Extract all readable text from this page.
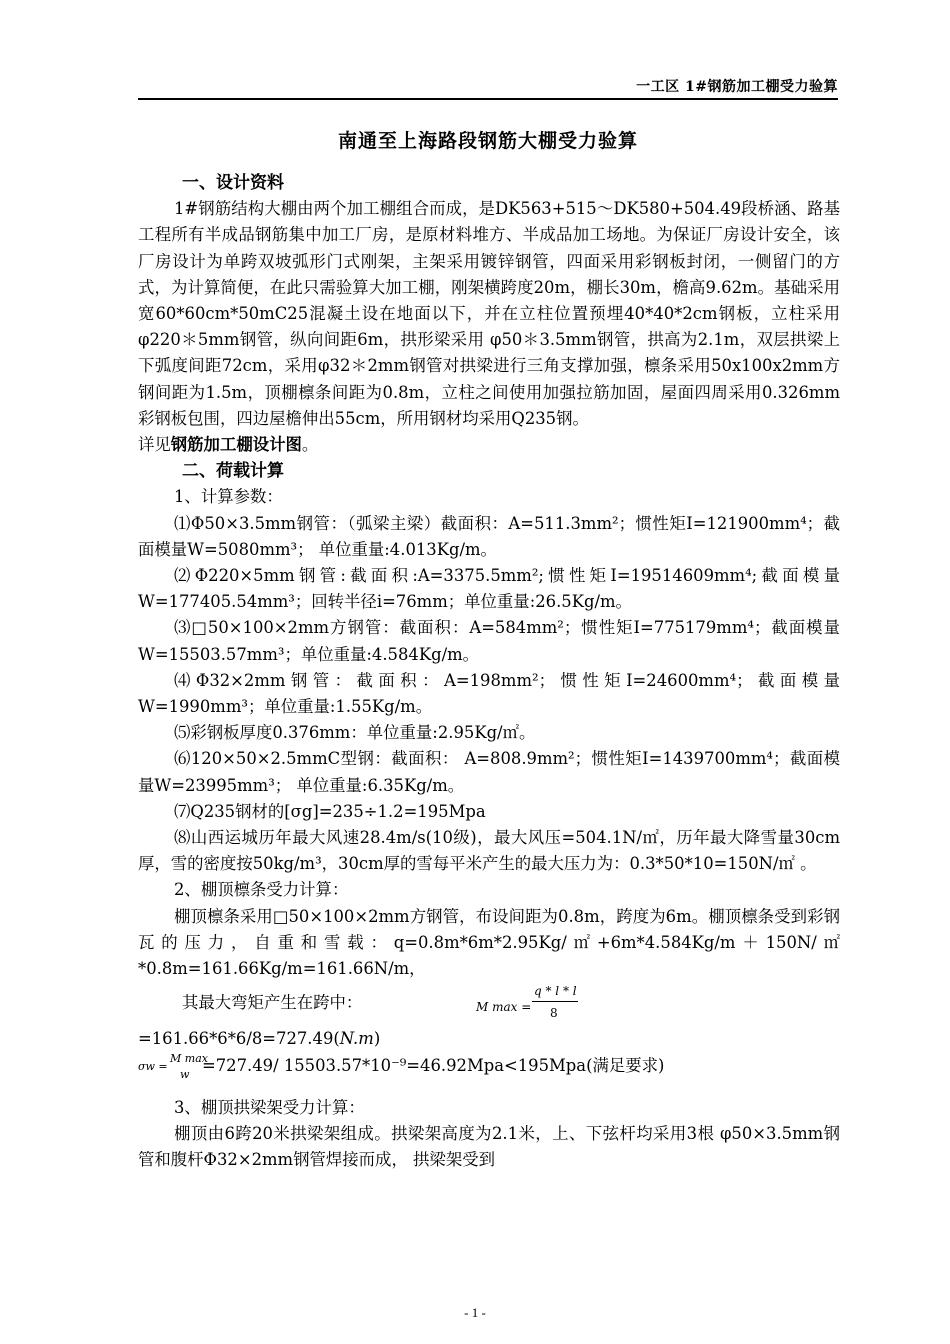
一工区 1#钢筋加工棚受力验算
南通至上海路段钢筋大棚受力验算

一、设计资料

1#钢筋结构大棚由两个加工棚组合而成，是DK563+515～DK580+504.49段桥涵、路基工程所有半成品钢筋集中加工厂房，是原材料堆方、半成品加工场地。为保证厂房设计安全，该厂房设计为单跨双坡弧形门式刚架，主架采用镀锌钢管，四面采用彩钢板封闭，一侧留门的方式，为计算简便，在此只需验算大加工棚，刚架横跨度20m，棚长30m，檐高9.62m。基础采用宽60*60cm*50mC25混凝土设在地面以下，并在立柱位置预埋40*40*2cm钢板，立柱采用 φ220＊5mm钢管，纵向间距6m，拱形梁采用 φ50＊3.5mm钢管，拱高为2.1m，双层拱梁上下弧度间距72cm，采用φ32＊2mm钢管对拱梁进行三角支撑加强，檩条采用50x100x2mm方钢间距为1.5m，顶棚檩条间距为0.8m，立柱之间使用加强拉筋加固，屋面四周采用0.326mm彩钢板包围，四边屋檐伸出55cm，所用钢材均采用Q235钢。

详见钢筋加工棚设计图。

二、荷载计算

1、计算参数：

⑴Φ50×3.5mm钢管：（弧梁主梁）截面积：A=511.3mm²；惯性矩I=121900mm⁴；截面模量W=5080mm³； 单位重量:4.013Kg/m。

⑵Φ220×5mm钢管:截面积:A=3375.5mm²;惯性矩I=19514609mm⁴;截面模量W=177405.54mm³；回转半径i=76mm；单位重量:26.5Kg/m。

⑶□50×100×2mm方钢管：截面积：A=584mm²；惯性矩I=775179mm⁴；截面模量W=15503.57mm³；单位重量:4.584Kg/m。

⑷Φ32×2mm钢管：截面积：A=198mm²；惯性矩I=24600mm⁴；截面模量W=1990mm³；单位重量:1.55Kg/m。

⑸彩钢板厚度0.376mm：单位重量:2.95Kg/㎡。

⑹120×50×2.5mmC型钢：截面积： A=808.9mm²；惯性矩I=1439700mm⁴；截面模量W=23995mm³； 单位重量:6.35Kg/m。

⑺Q235钢材的[σg]=235÷1.2=195Mpa

⑻山西运城历年最大风速28.4m/s(10级)，最大风压=504.1N/㎡，历年最大降雪量30cm厚，雪的密度按50kg/m³，30cm厚的雪每平米产生的最大压力为：0.3*50*10=150N/㎡ 。

2、棚顶檩条受力计算：

棚顶檩条采用□50×100×2mm方钢管，布设间距为0.8m，跨度为6m。棚顶檩条受到彩钢瓦的压力，自重和雪载：q=0.8m*6m*2.95Kg/㎡+6m*4.584Kg/m＋150N/㎡*0.8m=161.66Kg/m=161.66N/m，

其最大弯矩产生在跨中：	M max =
q * l * l
8

=161.66*6*6/8=727.49(N.m)

σw =
M max
w =727.49/ 15503.57*10⁻⁹=46.92Mpa<195Mpa(满足要求)

3、棚顶拱梁架受力计算：

棚顶由6跨20米拱梁架组成。拱梁架高度为2.1米，上、下弦杆均采用3根 φ50×3.5mm钢管和腹杆Φ32×2mm钢管焊接而成， 拱梁架受到

- 1 -
